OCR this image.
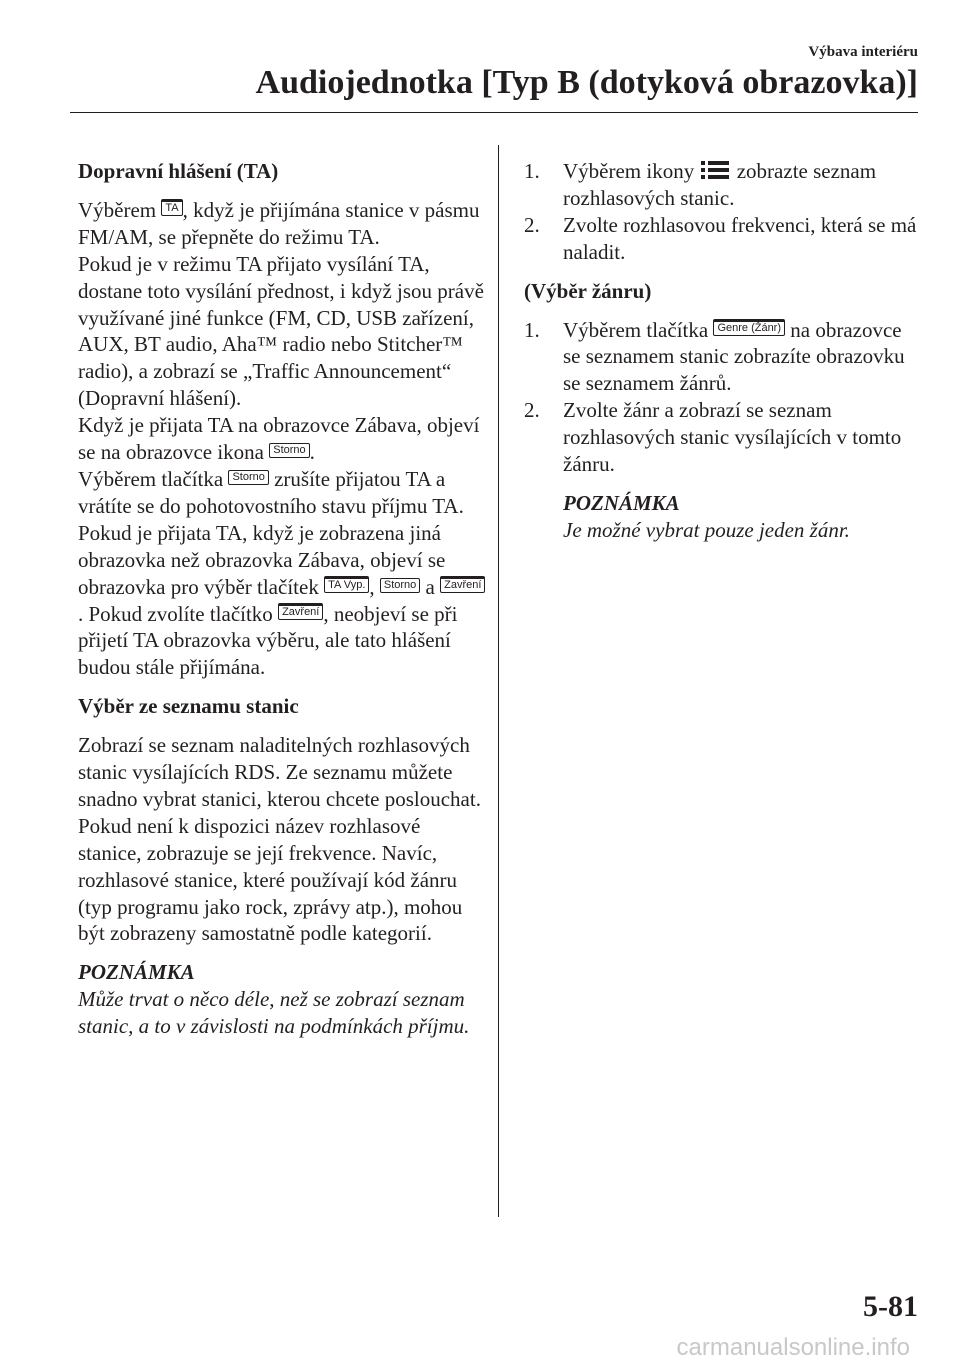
Výbava interiéru
Audiojednotka [Typ B (dotyková obrazovka)]

Dopravní hlášení (TA)

Výběrem TA , když je přijímána stanice v pásmu FM/AM, se přepněte do režimu TA.

Pokud je v režimu TA přijato vysílání TA, dostane toto vysílání přednost, i když jsou právě využívané jiné funkce (FM, CD, USB zařízení, AUX, BT audio, Aha™ radio nebo Stitcher™ radio), a zobrazí se „Traffic Announcement“ (Dopravní hlášení).

Když je přijata TA na obrazovce Zábava, objeví se na obrazovce ikona Storno .

Výběrem tlačítka Storno zrušíte přijatou TA a vrátíte se do pohotovostního stavu příjmu TA. Pokud je přijata TA, když je zobrazena jiná obrazovka než obrazovka Zábava, objeví se obrazovka pro výběr tlačítek TA Vyp. , Storno a Zavření. Pokud zvolíte tlačítko Zavření , neobjeví se při přijetí TA obrazovka výběru, ale tato hlášení budou stále přijímána.

Výběr ze seznamu stanic

Zobrazí se seznam naladitelných rozhlasových stanic vysílajících RDS. Ze seznamu můžete snadno vybrat stanici, kterou chcete poslouchat. Pokud není k dispozici název rozhlasové stanice, zobrazuje se její frekvence. Navíc, rozhlasové stanice, které používají kód žánru (typ programu jako rock, zprávy atp.), mohou být zobrazeny samostatně podle kategorií.

POZNÁMKA

Může trvat o něco déle, než se zobrazí seznam stanic, a to v závislosti na podmínkách příjmu.

1. Výběrem ikony zobrazte seznam rozhlasových stanic.
2. Zvolte rozhlasovou frekvenci, která se má naladit.

(Výběr žánru)

1. Výběrem tlačítka Genre (Žánr) na obrazovce se seznamem stanic zobrazíte obrazovku se seznamem žánrů.
2. Zvolte žánr a zobrazí se seznam rozhlasových stanic vysílajících v tomto žánru.

POZNÁMKA

Je možné vybrat pouze jeden žánr.

5-81
carmanualsonline.info
